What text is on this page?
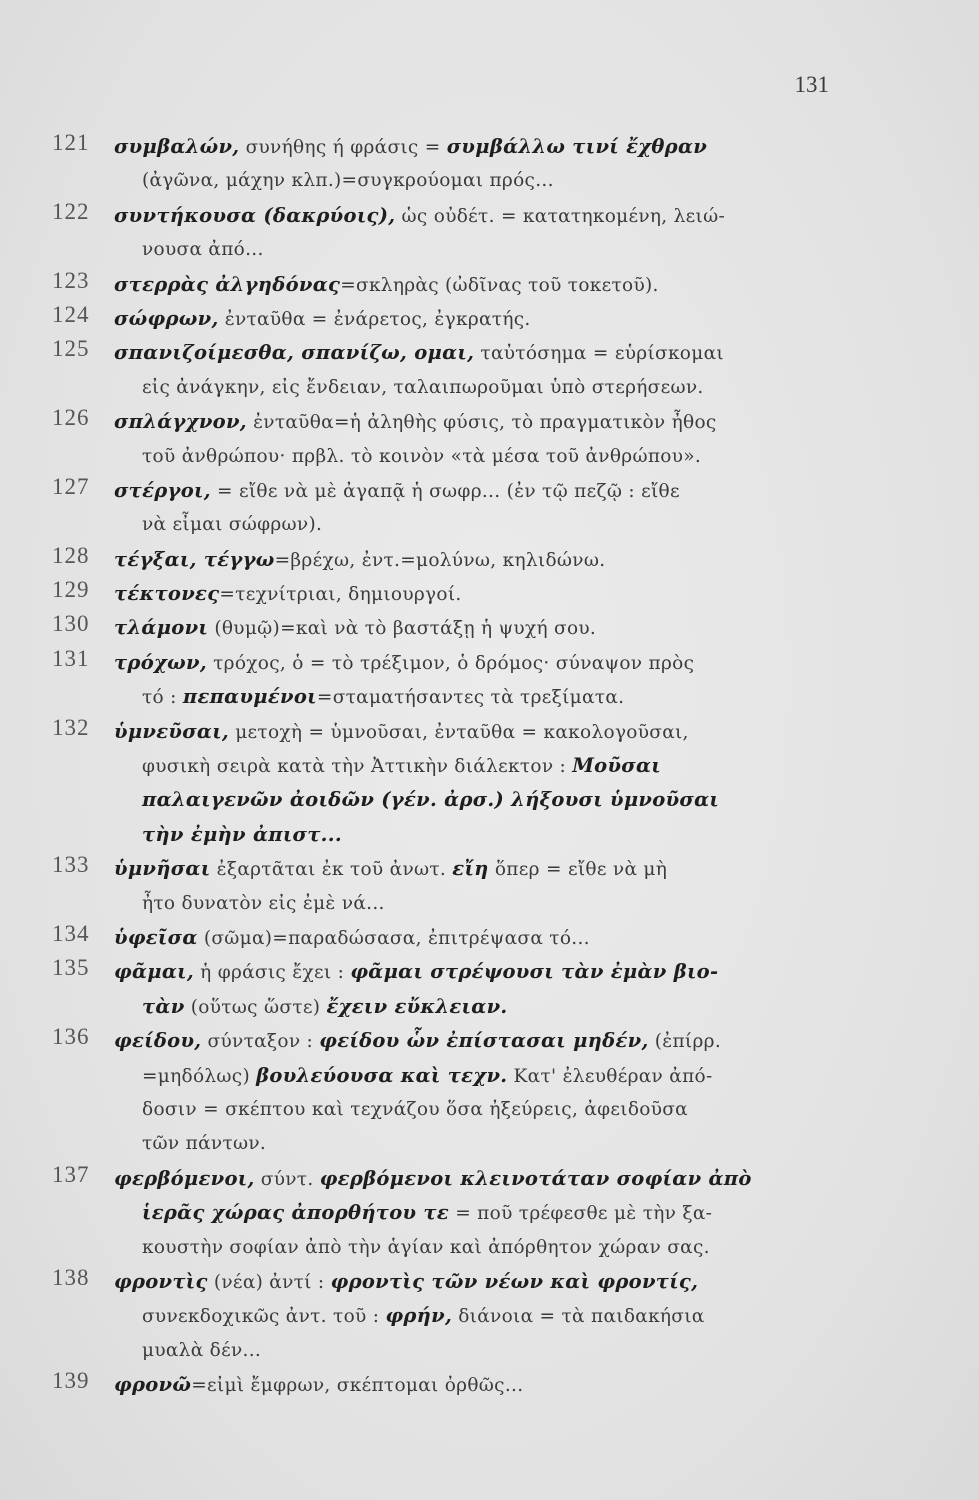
131
121	συμβαλών, συνήθης ή φράσις = συμβάλλω τινί ἔχθραν
(ἀγῶνα, μάχην κλπ.)=συγκρούομαι πρός...
122	συντήκουσα (δακρύοις), ὡς οὐδέτ. = κατατηκομένη, λειώ-
νουσα ἀπό...
123	στερρὰς ἀλγηδόνας=σκληρὰς (ὠδῖνας τοῦ τοκετοῦ).
124	σώφρων, ἐνταῦθα = ἐνάρετος, ἐγκρατής.
125	σπανιζοίμεσθα, σπανίζω, ομαι, ταὐτόσημα = εὑρίσκομαι
εἰς ἀνάγκην, εἰς ἔνδειαν, ταλαιπωροῦμαι ὑπὸ στερήσεων.
126	σπλάγχνον, ἐνταῦθα=ἡ ἀληθὴς φύσις, τὸ πραγματικὸν ἦθος
τοῦ ἀνθρώπου· πρβλ. τὸ κοινὸν «τὰ μέσα τοῦ ἀνθρώπου».
127	στέργοι, = εἴθε νὰ μὲ ἀγαπᾷ ἡ σωφρ... (ἐν τῷ πεζῷ : εἴθε
νὰ εἶμαι σώφρων).
128	τέγξαι, τέγγω=βρέχω, ἐντ.=μολύνω, κηλιδώνω.
129	τέκτονες=τεχνίτριαι, δημιουργοί.
130	τλάμονι (θυμῷ)=καὶ νὰ τὸ βαστάξῃ ἡ ψυχή σου.
131	τρόχων, τρόχος, ὁ = τὸ τρέξιμον, ὁ δρόμος· σύναψον πρὸς
τό : πεπαυμένοι=σταματήσαντες τὰ τρεξίματα.
132	ὑμνεῦσαι, μετοχὴ = ὑμνοῦσαι, ἐνταῦθα = κακολογοῦσαι,
φυσικὴ σειρὰ κατὰ τὴν Ἀττικὴν διάλεκτον : Μοῦσαι
παλαιγενῶν ἀοιδῶν (γέν. ἀρσ.) λήξουσι ὑμνοῦσαι
τὴν ἐμὴν ἀπιστ...
133	ὑμνῆσαι ἐξαρτᾶται ἐκ τοῦ ἀνωτ. εἴη ὅπερ = εἴθε νὰ μὴ
ἦτο δυνατὸν εἰς ἐμὲ νά...
134	ὑφεῖσα (σῶμα)=παραδώσασα, ἐπιτρέψασα τό...
135	φᾶμαι, ἡ φράσις ἔχει : φᾶμαι στρέψουσι τὰν ἐμὰν βιο-
τὰν (οὕτως ὥστε) ἔχειν εὔκλειαν.
136	φείδου, σύνταξον : φείδου ὧν ἐπίστασαι μηδέν, (ἐπίρρ.
=μηδόλως) βουλεύουσα καὶ τεχν. Κατ' ἐλευθέραν ἀπό-
δοσιν = σκέπτου καὶ τεχνάζου ὅσα ἠξεύρεις, ἀφειδοῦσα
τῶν πάντων.
137	φερβόμενοι, σύντ. φερβόμενοι κλεινοτάταν σοφίαν ἀπὸ
ἱερᾶς χώρας ἀπορθήτου τε = ποῦ τρέφεσθε μὲ τὴν ξα-
κουστὴν σοφίαν ἀπὸ τὴν ἁγίαν καὶ ἀπόρθητον χώραν σας.
138	φροντὶς (νέα) ἀντί : φροντὶς τῶν νέων καὶ φροντίς,
συνεκδοχικῶς ἀντ. τοῦ : φρήν, διάνοια = τὰ παιδακήσια
μυαλὰ δέν...
139	φρονῶ=εἰμὶ ἔμφρων, σκέπτομαι ὀρθῶς...
